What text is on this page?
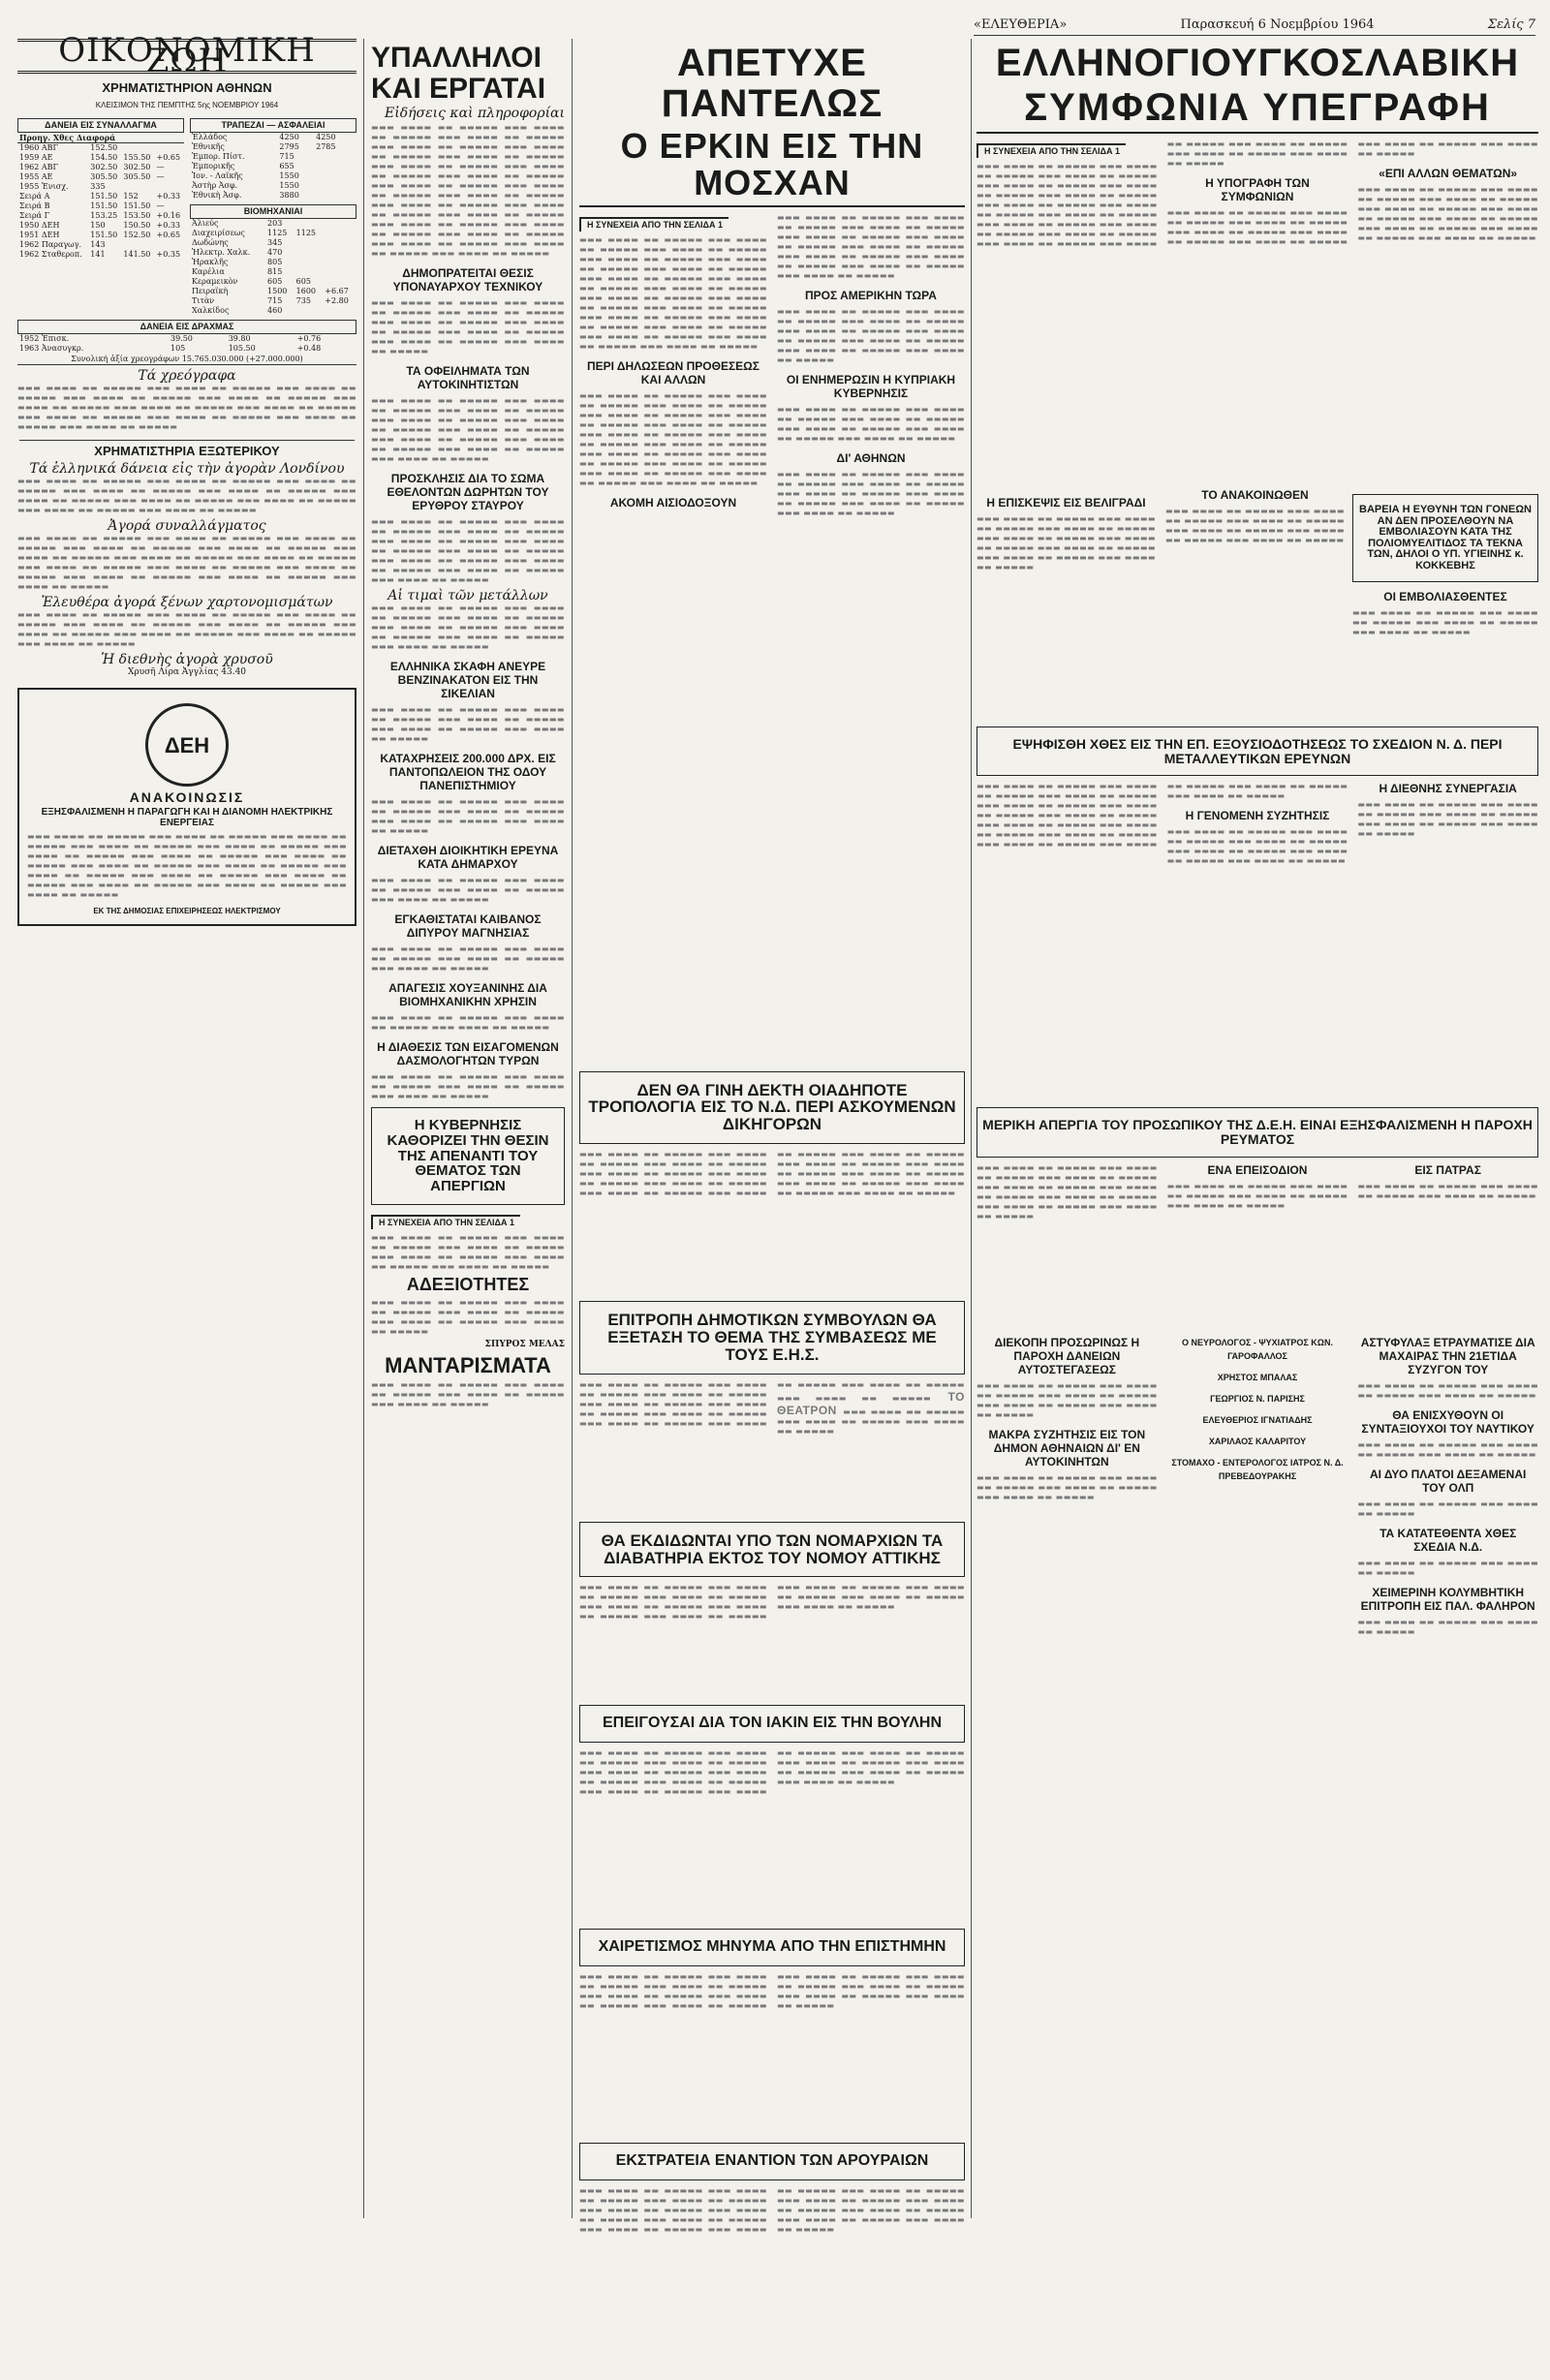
«ΕΛΕΥΘΕΡΙΑ»	Παρασκευή 6 Νοεμβρίου 1964	Σελίς 7
ΟΙΚΟΝΟΜΙΚΗ ΖΩΗ
ΧΡΗΜΑΤΙΣΤΗΡΙΟΝ ΑΘΗΝΩΝ
ΚΛΕΙΣΙΜΟΝ ΤΗΣ ΠΕΜΠΤΗΣ 5ης ΝΟΕΜΒΡΙΟΥ 1964
ΔΑΝΕΙΑ ΕΙΣ ΣΥΝΑΛΛΑΓΜΑ
Προηγ. Χθες Διαφορά			
1960 ΑΒΓ	152.50		
1959 ΑΕ	154.50	155.50	+0.65
1962 ΑΒΓ	302.50	302.50	—
1955 ΑΕ	305.50	305.50	—
1955 Ἐνισχ.	335		
Σειρά Α	151.50	152	+0.33
Σειρά Β	151.50	151.50	—
Σειρά Γ	153.25	153.50	+0.16
1950 ΔΕΗ	150	150.50	+0.33
1951 ΔΕΗ	151.50	152.50	+0.65
1962 Παραγωγ.	143		
1962 Σταθεροπ.	141	141.50	+0.35
ΤΡΑΠΕΖΑΙ — ΑΣΦΑΛΕΙΑΙ
Ἑλλάδος	4250	4250	
Ἐθνικῆς	2795	2785	
Ἐμπορ. Πίστ.	715		
Ἐμπορικῆς	655		
Ἰον. - Λαϊκῆς	1550		
Ἀστὴρ Ἀσφ.	1550		
Ἐθνικὴ Ἀσφ.	3880		
ΒΙΟΜΗΧΑΝΙΑΙ
Ἀλιεύς	203		
Διαχειρίσεως	1125	1125	
Δωδώνης	345		
Ἠλεκτρ. Χαλκ.	470		
Ἡρακλῆς	805		
Καρέλια	815		
Κεραμεικὸν	605	605	
Πειραϊκὴ	1500	1600	+6.67
Τιτὰν	715	735	+2.80
Χαλκίδος	460		
ΔΑΝΕΙΑ ΕΙΣ ΔΡΑΧΜΑΣ
1952 Ἐπισκ.	39.50	39.80	+0.76
1963 Ἀνασυγκρ.	105	105.50	+0.48
Συνολική ἀξία χρεογράφων 15.765.030.000 (+27.000.000)
Τά χρεόγραφα
▬▬▬ ▬▬▬▬ ▬▬ ▬▬▬▬▬ ▬▬▬ ▬▬▬▬ ▬▬ ▬▬▬▬▬ ▬▬▬ ▬▬▬▬ ▬▬ ▬▬▬▬▬ ▬▬▬ ▬▬▬▬ ▬▬ ▬▬▬▬▬ ▬▬▬ ▬▬▬▬ ▬▬ ▬▬▬▬▬ ▬▬▬ ▬▬▬▬ ▬▬ ▬▬▬▬▬ ▬▬▬ ▬▬▬▬ ▬▬ ▬▬▬▬▬ ▬▬▬ ▬▬▬▬ ▬▬ ▬▬▬▬▬ ▬▬▬ ▬▬▬▬ ▬▬ ▬▬▬▬▬ ▬▬▬ ▬▬▬▬ ▬▬ ▬▬▬▬▬ ▬▬▬ ▬▬▬▬ ▬▬ ▬▬▬▬▬ ▬▬▬ ▬▬▬▬ ▬▬ ▬▬▬▬▬
ΧΡΗΜΑΤΙΣΤΗΡΙΑ ΕΞΩΤΕΡΙΚΟΥ
Τά ἑλληνικά δάνεια εἰς τὴν ἀγορὰν Λονδίνου
▬▬▬ ▬▬▬▬ ▬▬ ▬▬▬▬▬ ▬▬▬ ▬▬▬▬ ▬▬ ▬▬▬▬▬ ▬▬▬ ▬▬▬▬ ▬▬ ▬▬▬▬▬ ▬▬▬ ▬▬▬▬ ▬▬ ▬▬▬▬▬ ▬▬▬ ▬▬▬▬ ▬▬ ▬▬▬▬▬ ▬▬▬ ▬▬▬▬ ▬▬ ▬▬▬▬▬ ▬▬▬ ▬▬▬▬ ▬▬ ▬▬▬▬▬ ▬▬▬ ▬▬▬▬ ▬▬ ▬▬▬▬▬ ▬▬▬ ▬▬▬▬ ▬▬ ▬▬▬▬▬ ▬▬▬ ▬▬▬▬ ▬▬ ▬▬▬▬▬
Ἀγορά συναλλάγματος
▬▬▬ ▬▬▬▬ ▬▬ ▬▬▬▬▬ ▬▬▬ ▬▬▬▬ ▬▬ ▬▬▬▬▬ ▬▬▬ ▬▬▬▬ ▬▬ ▬▬▬▬▬ ▬▬▬ ▬▬▬▬ ▬▬ ▬▬▬▬▬ ▬▬▬ ▬▬▬▬ ▬▬ ▬▬▬▬▬ ▬▬▬ ▬▬▬▬ ▬▬ ▬▬▬▬▬ ▬▬▬ ▬▬▬▬ ▬▬ ▬▬▬▬▬ ▬▬▬ ▬▬▬▬ ▬▬ ▬▬▬▬▬ ▬▬▬ ▬▬▬▬ ▬▬ ▬▬▬▬▬ ▬▬▬ ▬▬▬▬ ▬▬ ▬▬▬▬▬ ▬▬▬ ▬▬▬▬ ▬▬ ▬▬▬▬▬ ▬▬▬ ▬▬▬▬ ▬▬ ▬▬▬▬▬ ▬▬▬ ▬▬▬▬ ▬▬ ▬▬▬▬▬ ▬▬▬ ▬▬▬▬ ▬▬ ▬▬▬▬▬
Ἐλευθέρα ἀγορά ξένων χαρτονομισμάτων
▬▬▬ ▬▬▬▬ ▬▬ ▬▬▬▬▬ ▬▬▬ ▬▬▬▬ ▬▬ ▬▬▬▬▬ ▬▬▬ ▬▬▬▬ ▬▬ ▬▬▬▬▬ ▬▬▬ ▬▬▬▬ ▬▬ ▬▬▬▬▬ ▬▬▬ ▬▬▬▬ ▬▬ ▬▬▬▬▬ ▬▬▬ ▬▬▬▬ ▬▬ ▬▬▬▬▬ ▬▬▬ ▬▬▬▬ ▬▬ ▬▬▬▬▬ ▬▬▬ ▬▬▬▬ ▬▬ ▬▬▬▬▬ ▬▬▬ ▬▬▬▬ ▬▬ ▬▬▬▬▬
Ἡ διεθνὴς ἀγορὰ χρυσοῦ
Χρυσῆ Λίρα Ἀγγλίας 43.40
ΔΕΗ
ΑΝΑΚΟΙΝΩΣΙΣ
ΕΞΗΣΦΑΛΙΣΜΕΝΗ Η ΠΑΡΑΓΩΓΗ ΚΑΙ Η ΔΙΑΝΟΜΗ ΗΛΕΚΤΡΙΚΗΣ ΕΝΕΡΓΕΙΑΣ
▬▬▬ ▬▬▬▬ ▬▬ ▬▬▬▬▬ ▬▬▬ ▬▬▬▬ ▬▬ ▬▬▬▬▬ ▬▬▬ ▬▬▬▬ ▬▬ ▬▬▬▬▬ ▬▬▬ ▬▬▬▬ ▬▬ ▬▬▬▬▬ ▬▬▬ ▬▬▬▬ ▬▬ ▬▬▬▬▬ ▬▬▬ ▬▬▬▬ ▬▬ ▬▬▬▬▬ ▬▬▬ ▬▬▬▬ ▬▬ ▬▬▬▬▬ ▬▬▬ ▬▬▬▬ ▬▬ ▬▬▬▬▬ ▬▬▬ ▬▬▬▬ ▬▬ ▬▬▬▬▬ ▬▬▬ ▬▬▬▬ ▬▬ ▬▬▬▬▬ ▬▬▬ ▬▬▬▬ ▬▬ ▬▬▬▬▬ ▬▬▬ ▬▬▬▬ ▬▬ ▬▬▬▬▬ ▬▬▬ ▬▬▬▬ ▬▬ ▬▬▬▬▬ ▬▬▬ ▬▬▬▬ ▬▬ ▬▬▬▬▬ ▬▬▬ ▬▬▬▬ ▬▬ ▬▬▬▬▬ ▬▬▬ ▬▬▬▬ ▬▬ ▬▬▬▬▬
ΕΚ ΤΗΣ ΔΗΜΟΣΙΑΣ ΕΠΙΧΕΙΡΗΣΕΩΣ ΗΛΕΚΤΡΙΣΜΟΥ
ΥΠΑΛΛΗΛΟΙ ΚΑΙ ΕΡΓΑΤΑΙ
Εἰδήσεις καὶ πληροφορίαι
▬▬▬ ▬▬▬▬ ▬▬ ▬▬▬▬▬ ▬▬▬ ▬▬▬▬ ▬▬ ▬▬▬▬▬ ▬▬▬ ▬▬▬▬ ▬▬ ▬▬▬▬▬ ▬▬▬ ▬▬▬▬ ▬▬ ▬▬▬▬▬ ▬▬▬ ▬▬▬▬ ▬▬ ▬▬▬▬▬ ▬▬▬ ▬▬▬▬ ▬▬ ▬▬▬▬▬ ▬▬▬ ▬▬▬▬ ▬▬ ▬▬▬▬▬ ▬▬▬ ▬▬▬▬ ▬▬ ▬▬▬▬▬ ▬▬▬ ▬▬▬▬ ▬▬ ▬▬▬▬▬ ▬▬▬ ▬▬▬▬ ▬▬ ▬▬▬▬▬ ▬▬▬ ▬▬▬▬ ▬▬ ▬▬▬▬▬ ▬▬▬ ▬▬▬▬ ▬▬ ▬▬▬▬▬ ▬▬▬ ▬▬▬▬ ▬▬ ▬▬▬▬▬ ▬▬▬ ▬▬▬▬ ▬▬ ▬▬▬▬▬ ▬▬▬ ▬▬▬▬ ▬▬ ▬▬▬▬▬ ▬▬▬ ▬▬▬▬ ▬▬ ▬▬▬▬▬ ▬▬▬ ▬▬▬▬ ▬▬ ▬▬▬▬▬ ▬▬▬ ▬▬▬▬ ▬▬ ▬▬▬▬▬ ▬▬▬ ▬▬▬▬ ▬▬ ▬▬▬▬▬ ▬▬▬ ▬▬▬▬ ▬▬ ▬▬▬▬▬ ▬▬▬ ▬▬▬▬ ▬▬ ▬▬▬▬▬
ΔΗΜΟΠΡΑΤΕΙΤΑΙ ΘΕΣΙΣ ΥΠΟΝΑΥΑΡΧΟΥ ΤΕΧΝΙΚΟΥ
▬▬▬ ▬▬▬▬ ▬▬ ▬▬▬▬▬ ▬▬▬ ▬▬▬▬ ▬▬ ▬▬▬▬▬ ▬▬▬ ▬▬▬▬ ▬▬ ▬▬▬▬▬ ▬▬▬ ▬▬▬▬ ▬▬ ▬▬▬▬▬ ▬▬▬ ▬▬▬▬ ▬▬ ▬▬▬▬▬ ▬▬▬ ▬▬▬▬ ▬▬ ▬▬▬▬▬ ▬▬▬ ▬▬▬▬ ▬▬ ▬▬▬▬▬ ▬▬▬ ▬▬▬▬ ▬▬ ▬▬▬▬▬
ΤΑ ΟΦΕΙΛΗΜΑΤΑ ΤΩΝ ΑΥΤΟΚΙΝΗΤΙΣΤΩΝ
▬▬▬ ▬▬▬▬ ▬▬ ▬▬▬▬▬ ▬▬▬ ▬▬▬▬ ▬▬ ▬▬▬▬▬ ▬▬▬ ▬▬▬▬ ▬▬ ▬▬▬▬▬ ▬▬▬ ▬▬▬▬ ▬▬ ▬▬▬▬▬ ▬▬▬ ▬▬▬▬ ▬▬ ▬▬▬▬▬ ▬▬▬ ▬▬▬▬ ▬▬ ▬▬▬▬▬ ▬▬▬ ▬▬▬▬ ▬▬ ▬▬▬▬▬ ▬▬▬ ▬▬▬▬ ▬▬ ▬▬▬▬▬ ▬▬▬ ▬▬▬▬ ▬▬ ▬▬▬▬▬ ▬▬▬ ▬▬▬▬ ▬▬ ▬▬▬▬▬
ΠΡΟΣΚΛΗΣΙΣ ΔΙΑ ΤΟ ΣΩΜΑ ΕΘΕΛΟΝΤΩΝ ΔΩΡΗΤΩΝ ΤΟΥ ΕΡΥΘΡΟΥ ΣΤΑΥΡΟΥ
▬▬▬ ▬▬▬▬ ▬▬ ▬▬▬▬▬ ▬▬▬ ▬▬▬▬ ▬▬ ▬▬▬▬▬ ▬▬▬ ▬▬▬▬ ▬▬ ▬▬▬▬▬ ▬▬▬ ▬▬▬▬ ▬▬ ▬▬▬▬▬ ▬▬▬ ▬▬▬▬ ▬▬ ▬▬▬▬▬ ▬▬▬ ▬▬▬▬ ▬▬ ▬▬▬▬▬ ▬▬▬ ▬▬▬▬ ▬▬ ▬▬▬▬▬ ▬▬▬ ▬▬▬▬ ▬▬ ▬▬▬▬▬ ▬▬▬ ▬▬▬▬ ▬▬ ▬▬▬▬▬ ▬▬▬ ▬▬▬▬ ▬▬ ▬▬▬▬▬
Αἱ τιμαὶ τῶν μετάλλων
▬▬▬ ▬▬▬▬ ▬▬ ▬▬▬▬▬ ▬▬▬ ▬▬▬▬ ▬▬ ▬▬▬▬▬ ▬▬▬ ▬▬▬▬ ▬▬ ▬▬▬▬▬ ▬▬▬ ▬▬▬▬ ▬▬ ▬▬▬▬▬ ▬▬▬ ▬▬▬▬ ▬▬ ▬▬▬▬▬ ▬▬▬ ▬▬▬▬ ▬▬ ▬▬▬▬▬ ▬▬▬ ▬▬▬▬ ▬▬ ▬▬▬▬▬
ΕΛΛΗΝΙΚΑ ΣΚΑΦΗ ΑΝΕΥΡΕ ΒΕΝΖΙΝΑΚΑΤΟΝ ΕΙΣ ΤΗΝ ΣΙΚΕΛΙΑΝ
▬▬▬ ▬▬▬▬ ▬▬ ▬▬▬▬▬ ▬▬▬ ▬▬▬▬ ▬▬ ▬▬▬▬▬ ▬▬▬ ▬▬▬▬ ▬▬ ▬▬▬▬▬ ▬▬▬ ▬▬▬▬ ▬▬ ▬▬▬▬▬ ▬▬▬ ▬▬▬▬ ▬▬ ▬▬▬▬▬
ΚΑΤΑΧΡΗΣΕΙΣ 200.000 ΔΡΧ. ΕΙΣ ΠΑΝΤΟΠΩΛΕΙΟΝ ΤΗΣ ΟΔΟΥ ΠΑΝΕΠΙΣΤΗΜΙΟΥ
▬▬▬ ▬▬▬▬ ▬▬ ▬▬▬▬▬ ▬▬▬ ▬▬▬▬ ▬▬ ▬▬▬▬▬ ▬▬▬ ▬▬▬▬ ▬▬ ▬▬▬▬▬ ▬▬▬ ▬▬▬▬ ▬▬ ▬▬▬▬▬ ▬▬▬ ▬▬▬▬ ▬▬ ▬▬▬▬▬
ΔΙΕΤΑΧΘΗ ΔΙΟΙΚΗΤΙΚΗ ΕΡΕΥΝΑ ΚΑΤΑ ΔΗΜΑΡΧΟΥ
▬▬▬ ▬▬▬▬ ▬▬ ▬▬▬▬▬ ▬▬▬ ▬▬▬▬ ▬▬ ▬▬▬▬▬ ▬▬▬ ▬▬▬▬ ▬▬ ▬▬▬▬▬ ▬▬▬ ▬▬▬▬ ▬▬ ▬▬▬▬▬
ΕΓΚΑΘΙΣΤΑΤΑΙ ΚΑΙΒΑΝΟΣ ΔΙΠΥΡΟΥ ΜΑΓΝΗΣΙΑΣ
▬▬▬ ▬▬▬▬ ▬▬ ▬▬▬▬▬ ▬▬▬ ▬▬▬▬ ▬▬ ▬▬▬▬▬ ▬▬▬ ▬▬▬▬ ▬▬ ▬▬▬▬▬ ▬▬▬ ▬▬▬▬ ▬▬ ▬▬▬▬▬
ΑΠΑΓΕΣΙΣ ΧΟΥΞΑΝΙΝΗΣ ΔΙΑ ΒΙΟΜΗΧΑΝΙΚΗΝ ΧΡΗΣΙΝ
▬▬▬ ▬▬▬▬ ▬▬ ▬▬▬▬▬ ▬▬▬ ▬▬▬▬ ▬▬ ▬▬▬▬▬ ▬▬▬ ▬▬▬▬ ▬▬ ▬▬▬▬▬
Η ΔΙΑΘΕΣΙΣ ΤΩΝ ΕΙΣΑΓΟΜΕΝΩΝ ΔΑΣΜΟΛΟΓΗΤΩΝ ΤΥΡΩΝ
▬▬▬ ▬▬▬▬ ▬▬ ▬▬▬▬▬ ▬▬▬ ▬▬▬▬ ▬▬ ▬▬▬▬▬ ▬▬▬ ▬▬▬▬ ▬▬ ▬▬▬▬▬ ▬▬▬ ▬▬▬▬ ▬▬ ▬▬▬▬▬
Η ΚΥΒΕΡΝΗΣΙΣ ΚΑΘΟΡΙΖΕΙ ΤΗΝ ΘΕΣΙΝ ΤΗΣ ΑΠΕΝΑΝΤΙ ΤΟΥ ΘΕΜΑΤΟΣ ΤΩΝ ΑΠΕΡΓΙΩΝ
Η ΣΥΝΕΧΕΙΑ ΑΠΟ ΤΗΝ ΣΕΛΙΔΑ 1
▬▬▬ ▬▬▬▬ ▬▬ ▬▬▬▬▬ ▬▬▬ ▬▬▬▬ ▬▬ ▬▬▬▬▬ ▬▬▬ ▬▬▬▬ ▬▬ ▬▬▬▬▬ ▬▬▬ ▬▬▬▬ ▬▬ ▬▬▬▬▬ ▬▬▬ ▬▬▬▬ ▬▬ ▬▬▬▬▬ ▬▬▬ ▬▬▬▬ ▬▬ ▬▬▬▬▬
ΑΔΕΞΙΟΤΗΤΕΣ
▬▬▬ ▬▬▬▬ ▬▬ ▬▬▬▬▬ ▬▬▬ ▬▬▬▬ ▬▬ ▬▬▬▬▬ ▬▬▬ ▬▬▬▬ ▬▬ ▬▬▬▬▬ ▬▬▬ ▬▬▬▬ ▬▬ ▬▬▬▬▬ ▬▬▬ ▬▬▬▬ ▬▬ ▬▬▬▬▬
ΣΠΥΡΟΣ ΜΕΛΑΣ
ΜΑΝΤΑΡΙΣΜΑΤΑ
▬▬▬ ▬▬▬▬ ▬▬ ▬▬▬▬▬ ▬▬▬ ▬▬▬▬ ▬▬ ▬▬▬▬▬ ▬▬▬ ▬▬▬▬ ▬▬ ▬▬▬▬▬ ▬▬▬ ▬▬▬▬ ▬▬ ▬▬▬▬▬
ΑΠΕΤΥΧΕ ΠΑΝΤΕΛΩΣ
Ο ΕΡΚΙΝ ΕΙΣ ΤΗΝ ΜΟΣΧΑΝ
Η ΣΥΝΕΧΕΙΑ ΑΠΟ ΤΗΝ ΣΕΛΙΔΑ 1
▬▬▬ ▬▬▬▬ ▬▬ ▬▬▬▬▬ ▬▬▬ ▬▬▬▬ ▬▬ ▬▬▬▬▬ ▬▬▬ ▬▬▬▬ ▬▬ ▬▬▬▬▬ ▬▬▬ ▬▬▬▬ ▬▬ ▬▬▬▬▬ ▬▬▬ ▬▬▬▬ ▬▬ ▬▬▬▬▬ ▬▬▬ ▬▬▬▬ ▬▬ ▬▬▬▬▬ ▬▬▬ ▬▬▬▬ ▬▬ ▬▬▬▬▬ ▬▬▬ ▬▬▬▬ ▬▬ ▬▬▬▬▬ ▬▬▬ ▬▬▬▬ ▬▬ ▬▬▬▬▬ ▬▬▬ ▬▬▬▬ ▬▬ ▬▬▬▬▬ ▬▬▬ ▬▬▬▬ ▬▬ ▬▬▬▬▬ ▬▬▬ ▬▬▬▬ ▬▬ ▬▬▬▬▬ ▬▬▬ ▬▬▬▬ ▬▬ ▬▬▬▬▬ ▬▬▬ ▬▬▬▬ ▬▬ ▬▬▬▬▬ ▬▬▬ ▬▬▬▬ ▬▬ ▬▬▬▬▬ ▬▬▬ ▬▬▬▬ ▬▬ ▬▬▬▬▬ ▬▬▬ ▬▬▬▬ ▬▬ ▬▬▬▬▬ ▬▬▬ ▬▬▬▬ ▬▬ ▬▬▬▬▬
ΠΕΡΙ ΔΗΛΩΣΕΩΝ ΠΡΟΘΕΣΕΩΣ ΚΑΙ ΑΛΛΩΝ
▬▬▬ ▬▬▬▬ ▬▬ ▬▬▬▬▬ ▬▬▬ ▬▬▬▬ ▬▬ ▬▬▬▬▬ ▬▬▬ ▬▬▬▬ ▬▬ ▬▬▬▬▬ ▬▬▬ ▬▬▬▬ ▬▬ ▬▬▬▬▬ ▬▬▬ ▬▬▬▬ ▬▬ ▬▬▬▬▬ ▬▬▬ ▬▬▬▬ ▬▬ ▬▬▬▬▬ ▬▬▬ ▬▬▬▬ ▬▬ ▬▬▬▬▬ ▬▬▬ ▬▬▬▬ ▬▬ ▬▬▬▬▬ ▬▬▬ ▬▬▬▬ ▬▬ ▬▬▬▬▬ ▬▬▬ ▬▬▬▬ ▬▬ ▬▬▬▬▬ ▬▬▬ ▬▬▬▬ ▬▬ ▬▬▬▬▬ ▬▬▬ ▬▬▬▬ ▬▬ ▬▬▬▬▬ ▬▬▬ ▬▬▬▬ ▬▬ ▬▬▬▬▬ ▬▬▬ ▬▬▬▬ ▬▬ ▬▬▬▬▬ ▬▬▬ ▬▬▬▬ ▬▬ ▬▬▬▬▬
ΑΚΟΜΗ ΑΙΣΙΟΔΟΞΟΥΝ
▬▬▬ ▬▬▬▬ ▬▬ ▬▬▬▬▬ ▬▬▬ ▬▬▬▬ ▬▬ ▬▬▬▬▬ ▬▬▬ ▬▬▬▬ ▬▬ ▬▬▬▬▬ ▬▬▬ ▬▬▬▬ ▬▬ ▬▬▬▬▬ ▬▬▬ ▬▬▬▬ ▬▬ ▬▬▬▬▬ ▬▬▬ ▬▬▬▬ ▬▬ ▬▬▬▬▬ ▬▬▬ ▬▬▬▬ ▬▬ ▬▬▬▬▬ ▬▬▬ ▬▬▬▬ ▬▬ ▬▬▬▬▬ ▬▬▬ ▬▬▬▬ ▬▬ ▬▬▬▬▬ ▬▬▬ ▬▬▬▬ ▬▬ ▬▬▬▬▬
ΠΡΟΣ ΑΜΕΡΙΚΗΝ ΤΩΡΑ
▬▬▬ ▬▬▬▬ ▬▬ ▬▬▬▬▬ ▬▬▬ ▬▬▬▬ ▬▬ ▬▬▬▬▬ ▬▬▬ ▬▬▬▬ ▬▬ ▬▬▬▬▬ ▬▬▬ ▬▬▬▬ ▬▬ ▬▬▬▬▬ ▬▬▬ ▬▬▬▬ ▬▬ ▬▬▬▬▬ ▬▬▬ ▬▬▬▬ ▬▬ ▬▬▬▬▬ ▬▬▬ ▬▬▬▬ ▬▬ ▬▬▬▬▬ ▬▬▬ ▬▬▬▬ ▬▬ ▬▬▬▬▬
ΟΙ ΕΝΗΜΕΡΩΣΙΝ Η ΚΥΠΡΙΑΚΗ ΚΥΒΕΡΝΗΣΙΣ
▬▬▬ ▬▬▬▬ ▬▬ ▬▬▬▬▬ ▬▬▬ ▬▬▬▬ ▬▬ ▬▬▬▬▬ ▬▬▬ ▬▬▬▬ ▬▬ ▬▬▬▬▬ ▬▬▬ ▬▬▬▬ ▬▬ ▬▬▬▬▬ ▬▬▬ ▬▬▬▬ ▬▬ ▬▬▬▬▬ ▬▬▬ ▬▬▬▬ ▬▬ ▬▬▬▬▬
ΔΙ' ΑΘΗΝΩΝ
▬▬▬ ▬▬▬▬ ▬▬ ▬▬▬▬▬ ▬▬▬ ▬▬▬▬ ▬▬ ▬▬▬▬▬ ▬▬▬ ▬▬▬▬ ▬▬ ▬▬▬▬▬ ▬▬▬ ▬▬▬▬ ▬▬ ▬▬▬▬▬ ▬▬▬ ▬▬▬▬ ▬▬ ▬▬▬▬▬ ▬▬▬ ▬▬▬▬ ▬▬ ▬▬▬▬▬ ▬▬▬ ▬▬▬▬ ▬▬ ▬▬▬▬▬
ΔΕΝ ΘΑ ΓΙΝΗ ΔΕΚΤΗ ΟΙΑΔΗΠΟΤΕ ΤΡΟΠΟΛΟΓΙΑ ΕΙΣ ΤΟ Ν.Δ. ΠΕΡΙ ΑΣΚΟΥΜΕΝΩΝ ΔΙΚΗΓΟΡΩΝ
▬▬▬ ▬▬▬▬ ▬▬ ▬▬▬▬▬ ▬▬▬ ▬▬▬▬ ▬▬ ▬▬▬▬▬ ▬▬▬ ▬▬▬▬ ▬▬ ▬▬▬▬▬ ▬▬▬ ▬▬▬▬ ▬▬ ▬▬▬▬▬ ▬▬▬ ▬▬▬▬ ▬▬ ▬▬▬▬▬ ▬▬▬ ▬▬▬▬ ▬▬ ▬▬▬▬▬ ▬▬▬ ▬▬▬▬ ▬▬ ▬▬▬▬▬ ▬▬▬ ▬▬▬▬ ▬▬ ▬▬▬▬▬ ▬▬▬ ▬▬▬▬ ▬▬ ▬▬▬▬▬ ▬▬▬ ▬▬▬▬ ▬▬ ▬▬▬▬▬ ▬▬▬ ▬▬▬▬ ▬▬ ▬▬▬▬▬ ▬▬▬ ▬▬▬▬ ▬▬ ▬▬▬▬▬ ▬▬▬ ▬▬▬▬ ▬▬ ▬▬▬▬▬ ▬▬▬ ▬▬▬▬ ▬▬ ▬▬▬▬▬ ▬▬▬ ▬▬▬▬ ▬▬ ▬▬▬▬▬
ΕΠΙΤΡΟΠΗ ΔΗΜΟΤΙΚΩΝ ΣΥΜΒΟΥΛΩΝ ΘΑ ΕΞΕΤΑΣΗ ΤΟ ΘΕΜΑ ΤΗΣ ΣΥΜΒΑΣΕΩΣ ΜΕ ΤΟΥΣ Ε.Η.Σ.
▬▬▬ ▬▬▬▬ ▬▬ ▬▬▬▬▬ ▬▬▬ ▬▬▬▬ ▬▬ ▬▬▬▬▬ ▬▬▬ ▬▬▬▬ ▬▬ ▬▬▬▬▬ ▬▬▬ ▬▬▬▬ ▬▬ ▬▬▬▬▬ ▬▬▬ ▬▬▬▬ ▬▬ ▬▬▬▬▬ ▬▬▬ ▬▬▬▬ ▬▬ ▬▬▬▬▬ ▬▬▬ ▬▬▬▬ ▬▬ ▬▬▬▬▬ ▬▬▬ ▬▬▬▬ ▬▬ ▬▬▬▬▬ ▬▬▬ ▬▬▬▬ ▬▬ ▬▬▬▬▬ ▬▬▬ ▬▬▬▬ ▬▬ ▬▬▬▬▬ ΤΟ ΘΕΑΤΡΟΝ ▬▬▬ ▬▬▬▬ ▬▬ ▬▬▬▬▬ ▬▬▬ ▬▬▬▬ ▬▬ ▬▬▬▬▬ ▬▬▬ ▬▬▬▬ ▬▬ ▬▬▬▬▬
ΘΑ ΕΚΔΙΔΩΝΤΑΙ ΥΠΟ ΤΩΝ ΝΟΜΑΡΧΙΩΝ ΤΑ ΔΙΑΒΑΤΗΡΙΑ ΕΚΤΟΣ ΤΟΥ ΝΟΜΟΥ ΑΤΤΙΚΗΣ
▬▬▬ ▬▬▬▬ ▬▬ ▬▬▬▬▬ ▬▬▬ ▬▬▬▬ ▬▬ ▬▬▬▬▬ ▬▬▬ ▬▬▬▬ ▬▬ ▬▬▬▬▬ ▬▬▬ ▬▬▬▬ ▬▬ ▬▬▬▬▬ ▬▬▬ ▬▬▬▬ ▬▬ ▬▬▬▬▬ ▬▬▬ ▬▬▬▬ ▬▬ ▬▬▬▬▬ ▬▬▬ ▬▬▬▬ ▬▬ ▬▬▬▬▬ ▬▬▬ ▬▬▬▬ ▬▬ ▬▬▬▬▬ ▬▬▬ ▬▬▬▬ ▬▬ ▬▬▬▬▬ ▬▬▬ ▬▬▬▬ ▬▬ ▬▬▬▬▬
ΕΠΕΙΓΟΥΣΑΙ ΔΙΑ ΤΟΝ ΙΑΚΙΝ ΕΙΣ ΤΗΝ ΒΟΥΛΗΝ
▬▬▬ ▬▬▬▬ ▬▬ ▬▬▬▬▬ ▬▬▬ ▬▬▬▬ ▬▬ ▬▬▬▬▬ ▬▬▬ ▬▬▬▬ ▬▬ ▬▬▬▬▬ ▬▬▬ ▬▬▬▬ ▬▬ ▬▬▬▬▬ ▬▬▬ ▬▬▬▬ ▬▬ ▬▬▬▬▬ ▬▬▬ ▬▬▬▬ ▬▬ ▬▬▬▬▬ ▬▬▬ ▬▬▬▬ ▬▬ ▬▬▬▬▬ ▬▬▬ ▬▬▬▬ ▬▬ ▬▬▬▬▬ ▬▬▬ ▬▬▬▬ ▬▬ ▬▬▬▬▬ ▬▬▬ ▬▬▬▬ ▬▬ ▬▬▬▬▬ ▬▬▬ ▬▬▬▬ ▬▬ ▬▬▬▬▬ ▬▬▬ ▬▬▬▬ ▬▬ ▬▬▬▬▬ ▬▬▬ ▬▬▬▬ ▬▬ ▬▬▬▬▬
ΧΑΙΡΕΤΙΣΜΟΣ ΜΗΝΥΜΑ ΑΠΟ ΤΗΝ ΕΠΙΣΤΗΜΗΝ
▬▬▬ ▬▬▬▬ ▬▬ ▬▬▬▬▬ ▬▬▬ ▬▬▬▬ ▬▬ ▬▬▬▬▬ ▬▬▬ ▬▬▬▬ ▬▬ ▬▬▬▬▬ ▬▬▬ ▬▬▬▬ ▬▬ ▬▬▬▬▬ ▬▬▬ ▬▬▬▬ ▬▬ ▬▬▬▬▬ ▬▬▬ ▬▬▬▬ ▬▬ ▬▬▬▬▬ ▬▬▬ ▬▬▬▬ ▬▬ ▬▬▬▬▬ ▬▬▬ ▬▬▬▬ ▬▬ ▬▬▬▬▬ ▬▬▬ ▬▬▬▬ ▬▬ ▬▬▬▬▬ ▬▬▬ ▬▬▬▬ ▬▬ ▬▬▬▬▬ ▬▬▬ ▬▬▬▬ ▬▬ ▬▬▬▬▬
ΕΚΣΤΡΑΤΕΙΑ ΕΝΑΝΤΙΟΝ ΤΩΝ ΑΡΟΥΡΑΙΩΝ
▬▬▬ ▬▬▬▬ ▬▬ ▬▬▬▬▬ ▬▬▬ ▬▬▬▬ ▬▬ ▬▬▬▬▬ ▬▬▬ ▬▬▬▬ ▬▬ ▬▬▬▬▬ ▬▬▬ ▬▬▬▬ ▬▬ ▬▬▬▬▬ ▬▬▬ ▬▬▬▬ ▬▬ ▬▬▬▬▬ ▬▬▬ ▬▬▬▬ ▬▬ ▬▬▬▬▬ ▬▬▬ ▬▬▬▬ ▬▬ ▬▬▬▬▬ ▬▬▬ ▬▬▬▬ ▬▬ ▬▬▬▬▬ ▬▬▬ ▬▬▬▬ ▬▬ ▬▬▬▬▬ ▬▬▬ ▬▬▬▬ ▬▬ ▬▬▬▬▬ ▬▬▬ ▬▬▬▬ ▬▬ ▬▬▬▬▬ ▬▬▬ ▬▬▬▬ ▬▬ ▬▬▬▬▬ ▬▬▬ ▬▬▬▬ ▬▬ ▬▬▬▬▬ ▬▬▬ ▬▬▬▬ ▬▬ ▬▬▬▬▬
ΕΛΛΗΝΟΓΙΟΥΓΚΟΣΛΑΒΙΚΗ
ΣΥΜΦΩΝΙΑ ΥΠΕΓΡΑΦΗ
Η ΣΥΝΕΧΕΙΑ ΑΠΟ ΤΗΝ ΣΕΛΙΔΑ 1
▬▬▬ ▬▬▬▬ ▬▬ ▬▬▬▬▬ ▬▬▬ ▬▬▬▬ ▬▬ ▬▬▬▬▬ ▬▬▬ ▬▬▬▬ ▬▬ ▬▬▬▬▬ ▬▬▬ ▬▬▬▬ ▬▬ ▬▬▬▬▬ ▬▬▬ ▬▬▬▬ ▬▬ ▬▬▬▬▬ ▬▬▬ ▬▬▬▬ ▬▬ ▬▬▬▬▬ ▬▬▬ ▬▬▬▬ ▬▬ ▬▬▬▬▬ ▬▬▬ ▬▬▬▬ ▬▬ ▬▬▬▬▬ ▬▬▬ ▬▬▬▬ ▬▬ ▬▬▬▬▬ ▬▬▬ ▬▬▬▬ ▬▬ ▬▬▬▬▬ ▬▬▬ ▬▬▬▬ ▬▬ ▬▬▬▬▬ ▬▬▬ ▬▬▬▬ ▬▬ ▬▬▬▬▬ ▬▬▬ ▬▬▬▬ ▬▬ ▬▬▬▬▬ ▬▬▬ ▬▬▬▬ ▬▬ ▬▬▬▬▬ ▬▬▬ ▬▬▬▬ ▬▬ ▬▬▬▬▬ ▬▬▬ ▬▬▬▬ ▬▬ ▬▬▬▬▬ ▬▬▬ ▬▬▬▬ ▬▬ ▬▬▬▬▬
Η ΥΠΟΓΡΑΦΗ ΤΩΝ ΣΥΜΦΩΝΙΩΝ
▬▬▬ ▬▬▬▬ ▬▬ ▬▬▬▬▬ ▬▬▬ ▬▬▬▬ ▬▬ ▬▬▬▬▬ ▬▬▬ ▬▬▬▬ ▬▬ ▬▬▬▬▬ ▬▬▬ ▬▬▬▬ ▬▬ ▬▬▬▬▬ ▬▬▬ ▬▬▬▬ ▬▬ ▬▬▬▬▬ ▬▬▬ ▬▬▬▬ ▬▬ ▬▬▬▬▬ ▬▬▬ ▬▬▬▬ ▬▬ ▬▬▬▬▬ ▬▬▬ ▬▬▬▬ ▬▬ ▬▬▬▬▬
«ΕΠΙ ΑΛΛΩΝ ΘΕΜΑΤΩΝ»
▬▬▬ ▬▬▬▬ ▬▬ ▬▬▬▬▬ ▬▬▬ ▬▬▬▬ ▬▬ ▬▬▬▬▬ ▬▬▬ ▬▬▬▬ ▬▬ ▬▬▬▬▬ ▬▬▬ ▬▬▬▬ ▬▬ ▬▬▬▬▬ ▬▬▬ ▬▬▬▬ ▬▬ ▬▬▬▬▬ ▬▬▬ ▬▬▬▬ ▬▬ ▬▬▬▬▬ ▬▬▬ ▬▬▬▬ ▬▬ ▬▬▬▬▬ ▬▬▬ ▬▬▬▬ ▬▬ ▬▬▬▬▬ ▬▬▬ ▬▬▬▬ ▬▬ ▬▬▬▬▬
Η ΕΠΙΣΚΕΨΙΣ ΕΙΣ ΒΕΛΙΓΡΑΔΙ
▬▬▬ ▬▬▬▬ ▬▬ ▬▬▬▬▬ ▬▬▬ ▬▬▬▬ ▬▬ ▬▬▬▬▬ ▬▬▬ ▬▬▬▬ ▬▬ ▬▬▬▬▬ ▬▬▬ ▬▬▬▬ ▬▬ ▬▬▬▬▬ ▬▬▬ ▬▬▬▬ ▬▬ ▬▬▬▬▬ ▬▬▬ ▬▬▬▬ ▬▬ ▬▬▬▬▬ ▬▬▬ ▬▬▬▬ ▬▬ ▬▬▬▬▬ ▬▬▬ ▬▬▬▬ ▬▬ ▬▬▬▬▬
ΤΟ ΑΝΑΚΟΙΝΩΘΕΝ
▬▬▬ ▬▬▬▬ ▬▬ ▬▬▬▬▬ ▬▬▬ ▬▬▬▬ ▬▬ ▬▬▬▬▬ ▬▬▬ ▬▬▬▬ ▬▬ ▬▬▬▬▬ ▬▬▬ ▬▬▬▬ ▬▬ ▬▬▬▬▬ ▬▬▬ ▬▬▬▬ ▬▬ ▬▬▬▬▬ ▬▬▬ ▬▬▬▬ ▬▬ ▬▬▬▬▬
ΒΑΡΕΙΑ Η ΕΥΘΥΝΗ ΤΩΝ ΓΟΝΕΩΝ ΑΝ ΔΕΝ ΠΡΟΣΕΛΘΟΥΝ ΝΑ ΕΜΒΟΛΙΑΣΟΥΝ ΚΑΤΑ ΤΗΣ ΠΟΛΙΟΜΥΕΛΙΤΙΔΟΣ ΤΑ ΤΕΚΝΑ ΤΩΝ, ΔΗΛΟΙ Ο ΥΠ. ΥΓΙΕΙΝΗΣ κ. ΚΟΚΚΕΒΗΣ
ΟΙ ΕΜΒΟΛΙΑΣΘΕΝΤΕΣ
▬▬▬ ▬▬▬▬ ▬▬ ▬▬▬▬▬ ▬▬▬ ▬▬▬▬ ▬▬ ▬▬▬▬▬ ▬▬▬ ▬▬▬▬ ▬▬ ▬▬▬▬▬ ▬▬▬ ▬▬▬▬ ▬▬ ▬▬▬▬▬
ΕΨΗΦΙΣΘΗ ΧΘΕΣ ΕΙΣ ΤΗΝ ΕΠ. ΕΞΟΥΣΙΟΔΟΤΗΣΕΩΣ ΤΟ ΣΧΕΔΙΟΝ Ν. Δ. ΠΕΡΙ ΜΕΤΑΛΛΕΥΤΙΚΩΝ ΕΡΕΥΝΩΝ
▬▬▬ ▬▬▬▬ ▬▬ ▬▬▬▬▬ ▬▬▬ ▬▬▬▬ ▬▬ ▬▬▬▬▬ ▬▬▬ ▬▬▬▬ ▬▬ ▬▬▬▬▬ ▬▬▬ ▬▬▬▬ ▬▬ ▬▬▬▬▬ ▬▬▬ ▬▬▬▬ ▬▬ ▬▬▬▬▬ ▬▬▬ ▬▬▬▬ ▬▬ ▬▬▬▬▬ ▬▬▬ ▬▬▬▬ ▬▬ ▬▬▬▬▬ ▬▬▬ ▬▬▬▬ ▬▬ ▬▬▬▬▬ ▬▬▬ ▬▬▬▬ ▬▬ ▬▬▬▬▬ ▬▬▬ ▬▬▬▬ ▬▬ ▬▬▬▬▬ ▬▬▬ ▬▬▬▬ ▬▬ ▬▬▬▬▬ ▬▬▬ ▬▬▬▬ ▬▬ ▬▬▬▬▬ ▬▬▬ ▬▬▬▬ ▬▬ ▬▬▬▬▬
Η ΓΕΝΟΜΕΝΗ ΣΥΖΗΤΗΣΙΣ
▬▬▬ ▬▬▬▬ ▬▬ ▬▬▬▬▬ ▬▬▬ ▬▬▬▬ ▬▬ ▬▬▬▬▬ ▬▬▬ ▬▬▬▬ ▬▬ ▬▬▬▬▬ ▬▬▬ ▬▬▬▬ ▬▬ ▬▬▬▬▬ ▬▬▬ ▬▬▬▬ ▬▬ ▬▬▬▬▬ ▬▬▬ ▬▬▬▬ ▬▬ ▬▬▬▬▬
Η ΔΙΕΘΝΗΣ ΣΥΝΕΡΓΑΣΙΑ
▬▬▬ ▬▬▬▬ ▬▬ ▬▬▬▬▬ ▬▬▬ ▬▬▬▬ ▬▬ ▬▬▬▬▬ ▬▬▬ ▬▬▬▬ ▬▬ ▬▬▬▬▬ ▬▬▬ ▬▬▬▬ ▬▬ ▬▬▬▬▬ ▬▬▬ ▬▬▬▬ ▬▬ ▬▬▬▬▬
ΜΕΡΙΚΗ ΑΠΕΡΓΙΑ ΤΟΥ ΠΡΟΣΩΠΙΚΟΥ ΤΗΣ Δ.Ε.Η. ΕΙΝΑΙ ΕΞΗΣΦΑΛΙΣΜΕΝΗ Η ΠΑΡΟΧΗ ΡΕΥΜΑΤΟΣ
▬▬▬ ▬▬▬▬ ▬▬ ▬▬▬▬▬ ▬▬▬ ▬▬▬▬ ▬▬ ▬▬▬▬▬ ▬▬▬ ▬▬▬▬ ▬▬ ▬▬▬▬▬ ▬▬▬ ▬▬▬▬ ▬▬ ▬▬▬▬▬ ▬▬▬ ▬▬▬▬ ▬▬ ▬▬▬▬▬ ▬▬▬ ▬▬▬▬ ▬▬ ▬▬▬▬▬ ▬▬▬ ▬▬▬▬ ▬▬ ▬▬▬▬▬ ▬▬▬ ▬▬▬▬ ▬▬ ▬▬▬▬▬
ΕΝΑ ΕΠΕΙΣΟΔΙΟΝ
▬▬▬ ▬▬▬▬ ▬▬ ▬▬▬▬▬ ▬▬▬ ▬▬▬▬ ▬▬ ▬▬▬▬▬ ▬▬▬ ▬▬▬▬ ▬▬ ▬▬▬▬▬ ▬▬▬ ▬▬▬▬ ▬▬ ▬▬▬▬▬
ΕΙΣ ΠΑΤΡΑΣ
▬▬▬ ▬▬▬▬ ▬▬ ▬▬▬▬▬ ▬▬▬ ▬▬▬▬ ▬▬ ▬▬▬▬▬ ▬▬▬ ▬▬▬▬ ▬▬ ▬▬▬▬▬
ΔΙΕΚΟΠΗ ΠΡΟΣΩΡΙΝΩΣ Η ΠΑΡΟΧΗ ΔΑΝΕΙΩΝ ΑΥΤΟΣΤΕΓΑΣΕΩΣ
▬▬▬ ▬▬▬▬ ▬▬ ▬▬▬▬▬ ▬▬▬ ▬▬▬▬ ▬▬ ▬▬▬▬▬ ▬▬▬ ▬▬▬▬ ▬▬ ▬▬▬▬▬ ▬▬▬ ▬▬▬▬ ▬▬ ▬▬▬▬▬ ▬▬▬ ▬▬▬▬ ▬▬ ▬▬▬▬▬
ΜΑΚΡΑ ΣΥΖΗΤΗΣΙΣ ΕΙΣ ΤΟΝ ΔΗΜΟΝ ΑΘΗΝΑΙΩΝ ΔΙ' ΕΝ ΑΥΤΟΚΙΝΗΤΩΝ
▬▬▬ ▬▬▬▬ ▬▬ ▬▬▬▬▬ ▬▬▬ ▬▬▬▬ ▬▬ ▬▬▬▬▬ ▬▬▬ ▬▬▬▬ ▬▬ ▬▬▬▬▬ ▬▬▬ ▬▬▬▬ ▬▬ ▬▬▬▬▬
Ο ΝΕΥΡΟΛΟΓΟΣ - ΨΥΧΙΑΤΡΟΣ ΚΩΝ. ΓΑΡΟΦΑΛΛΟΣ
ΧΡΗΣΤΟΣ ΜΠΑΛΑΣ
ΓΕΩΡΓΙΟΣ Ν. ΠΑΡΙΣΗΣ
ΕΛΕΥΘΕΡΙΟΣ ΙΓΝΑΤΙΑΔΗΣ
ΧΑΡΙΛΑΟΣ ΚΑΛΑΡΙΤΟΥ
ΣΤΟΜΑΧΟ - ΕΝΤΕΡΟΛΟΓΟΣ ΙΑΤΡΟΣ Ν. Δ. ΠΡΕΒΕΔΟΥΡΑΚΗΣ
ΑΣΤΥΦΥΛΑΞ ΕΤΡΑΥΜΑΤΙΣΕ ΔΙΑ ΜΑΧΑΙΡΑΣ ΤΗΝ 21ΕΤΙΔΑ ΣΥΖΥΓΟΝ ΤΟΥ
▬▬▬ ▬▬▬▬ ▬▬ ▬▬▬▬▬ ▬▬▬ ▬▬▬▬ ▬▬ ▬▬▬▬▬ ▬▬▬ ▬▬▬▬ ▬▬ ▬▬▬▬▬
ΘΑ ΕΝΙΣΧΥΘΟΥΝ ΟΙ ΣΥΝΤΑΞΙΟΥΧΟΙ ΤΟΥ ΝΑΥΤΙΚΟΥ
▬▬▬ ▬▬▬▬ ▬▬ ▬▬▬▬▬ ▬▬▬ ▬▬▬▬ ▬▬ ▬▬▬▬▬ ▬▬▬ ▬▬▬▬ ▬▬ ▬▬▬▬▬
ΑΙ ΔΥΟ ΠΛΑΤΟΙ ΔΕΞΑΜΕΝΑΙ ΤΟΥ ΟΛΠ
▬▬▬ ▬▬▬▬ ▬▬ ▬▬▬▬▬ ▬▬▬ ▬▬▬▬ ▬▬ ▬▬▬▬▬
ΤΑ ΚΑΤΑΤΕΘΕΝΤΑ ΧΘΕΣ ΣΧΕΔΙΑ Ν.Δ.
▬▬▬ ▬▬▬▬ ▬▬ ▬▬▬▬▬ ▬▬▬ ▬▬▬▬ ▬▬ ▬▬▬▬▬
ΧΕΙΜΕΡΙΝΗ ΚΟΛΥΜΒΗΤΙΚΗ ΕΠΙΤΡΟΠΗ ΕΙΣ ΠΑΛ. ΦΑΛΗΡΟΝ
▬▬▬ ▬▬▬▬ ▬▬ ▬▬▬▬▬ ▬▬▬ ▬▬▬▬ ▬▬ ▬▬▬▬▬
